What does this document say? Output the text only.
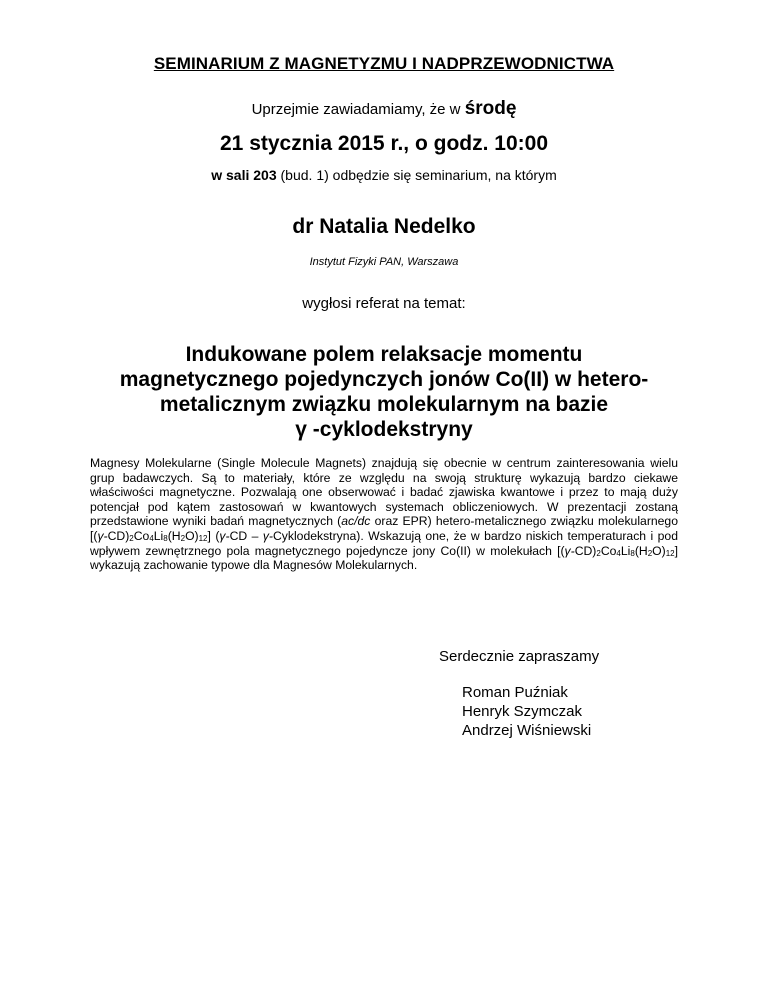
SEMINARIUM Z MAGNETYZMU I NADPRZEWODNICTWA
Uprzejmie zawiadamiamy, że w środę
21 stycznia 2015 r., o godz. 10:00
w sali 203 (bud. 1) odbędzie się seminarium, na którym
dr Natalia Nedelko
Instytut Fizyki PAN, Warszawa
wygłosi referat na temat:
Indukowane polem relaksacje momentu
magnetycznego pojedynczych jonów Co(II) w hetero-
metalicznym związku molekularnym na bazie
γ -cyklodekstryny
Magnesy Molekularne (Single Molecule Magnets) znajdują się obecnie w centrum zainteresowania wielu grup badawczych. Są to materiały, które ze względu na swoją strukturę wykazują bardzo ciekawe właściwości magnetyczne. Pozwalają one obserwować i badać zjawiska kwantowe i przez to mają duży potencjał pod kątem zastosowań w kwantowych systemach obliczeniowych. W prezentacji zostaną przedstawione wyniki badań magnetycznych (ac/dc oraz EPR) hetero-metalicznego związku molekularnego $[(\gamma-CD)_2Co_4Li_8(H_2O)_{12}]$ (γ-CD – γ-Cyklodekstryna). Wskazują one, że w bardzo niskich temperaturach i pod wpływem zewnętrznego pola magnetycznego pojedyncze jony Co(II) w molekułach $[(\gamma-CD)_2Co_4Li_8(H_2O)_{12}]$ wykazują zachowanie typowe dla Magnesów Molekularnych.
Serdecznie zapraszamy
Roman Puźniak
Henryk Szymczak
Andrzej Wiśniewski
